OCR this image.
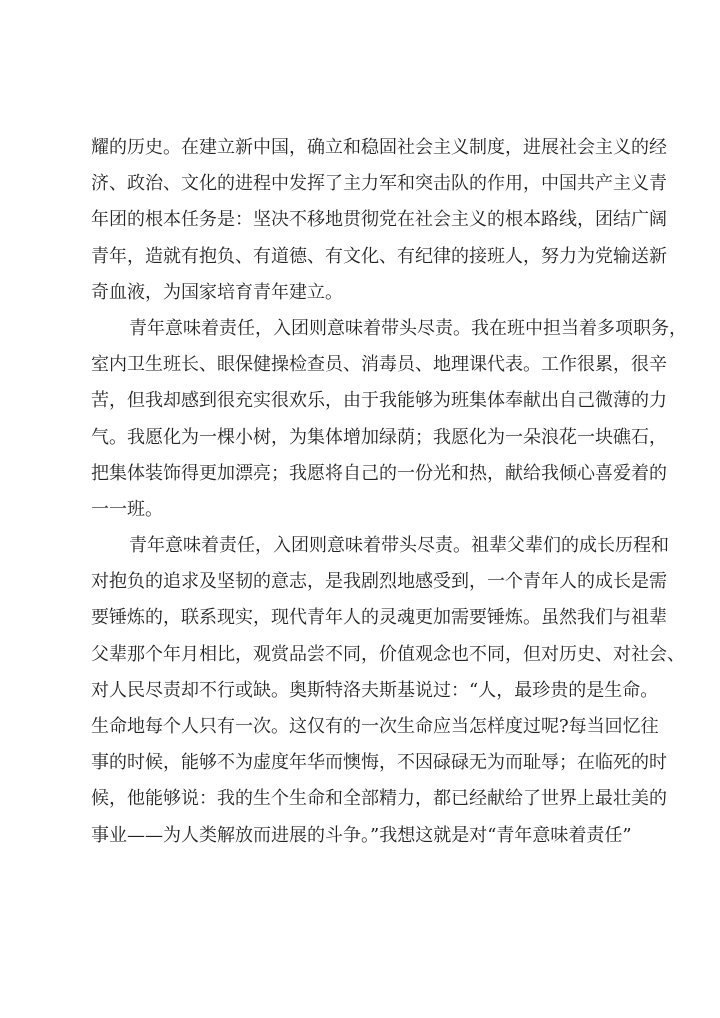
耀的历史。在建立新中国，确立和稳固社会主义制度，进展社会主义的经
济、政治、文化的进程中发挥了主力军和突击队的作用，中国共产主义青
年团的根本任务是：坚决不移地贯彻党在社会主义的根本路线，团结广阔
青年，造就有抱负、有道德、有文化、有纪律的接班人，努力为党输送新
奇血液，为国家培育青年建立。
青年意味着责任，入团则意味着带头尽责。我在班中担当着多项职务，
室内卫生班长、眼保健操检查员、消毒员、地理课代表。工作很累，很辛
苦，但我却感到很充实很欢乐，由于我能够为班集体奉献出自己微薄的力
气。我愿化为一棵小树，为集体增加绿荫；我愿化为一朵浪花一块礁石，
把集体装饰得更加漂亮；我愿将自己的一份光和热，献给我倾心喜爱着的
一一班。
青年意味着责任，入团则意味着带头尽责。祖辈父辈们的成长历程和
对抱负的追求及坚韧的意志，是我剧烈地感受到，一个青年人的成长是需
要锤炼的，联系现实，现代青年人的灵魂更加需要锤炼。虽然我们与祖辈
父辈那个年月相比，观赏品尝不同，价值观念也不同，但对历史、对社会、
对人民尽责却不行或缺。奥斯特洛夫斯基说过：“人，最珍贵的是生命。
生命地每个人只有一次。这仅有的一次生命应当怎样度过呢?每当回忆往
事的时候，能够不为虚度年华而懊悔，不因碌碌无为而耻辱；在临死的时
候，他能够说：我的生个生命和全部精力，都已经献给了世界上最壮美的
事业——为人类解放而进展的斗争。”我想这就是对“青年意味着责任”
